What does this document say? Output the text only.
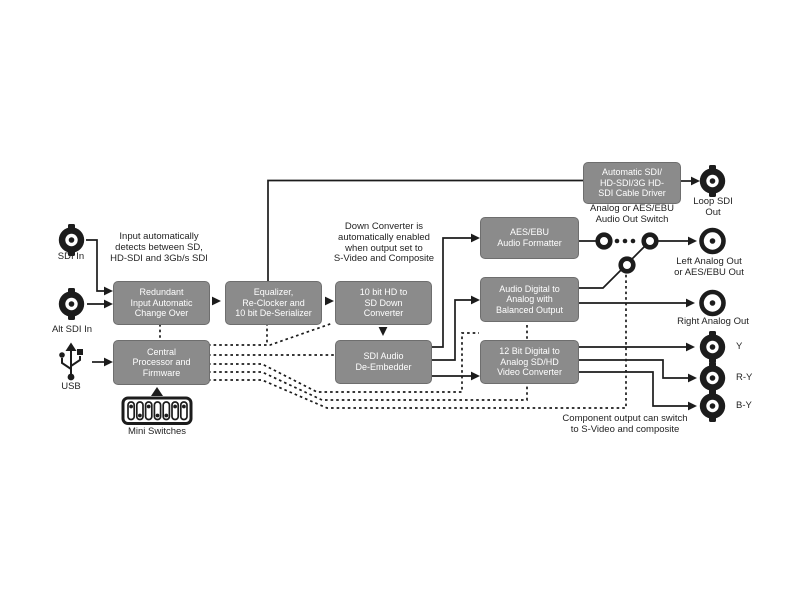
Redundant
Input Automatic
Change Over
Equalizer,
Re-Clocker and
10 bit De-Serializer
10 bit HD to
SD Down
Converter
Central
Processor and
Firmware
SDI Audio
De-Embedder
AES/EBU
Audio Formatter
Audio Digital to
Analog with
Balanced Output
12 Bit Digital to
Analog SD/HD
Video Converter
Automatic SDI/
HD-SDI/3G HD-
SDI Cable Driver
SDI In
Alt SDI In
USB
Mini Switches
Input automatically
detects between SD,
HD-SDI and 3Gb/s SDI
Down Converter is
automatically enabled
when output set to
S-Video and Composite
Analog or AES/EBU
Audio Out Switch
Component output can switch
to S-Video and composite
Loop SDI
Out
Left Analog Out
or AES/EBU Out
Right Analog Out
Y
R-Y
B-Y
